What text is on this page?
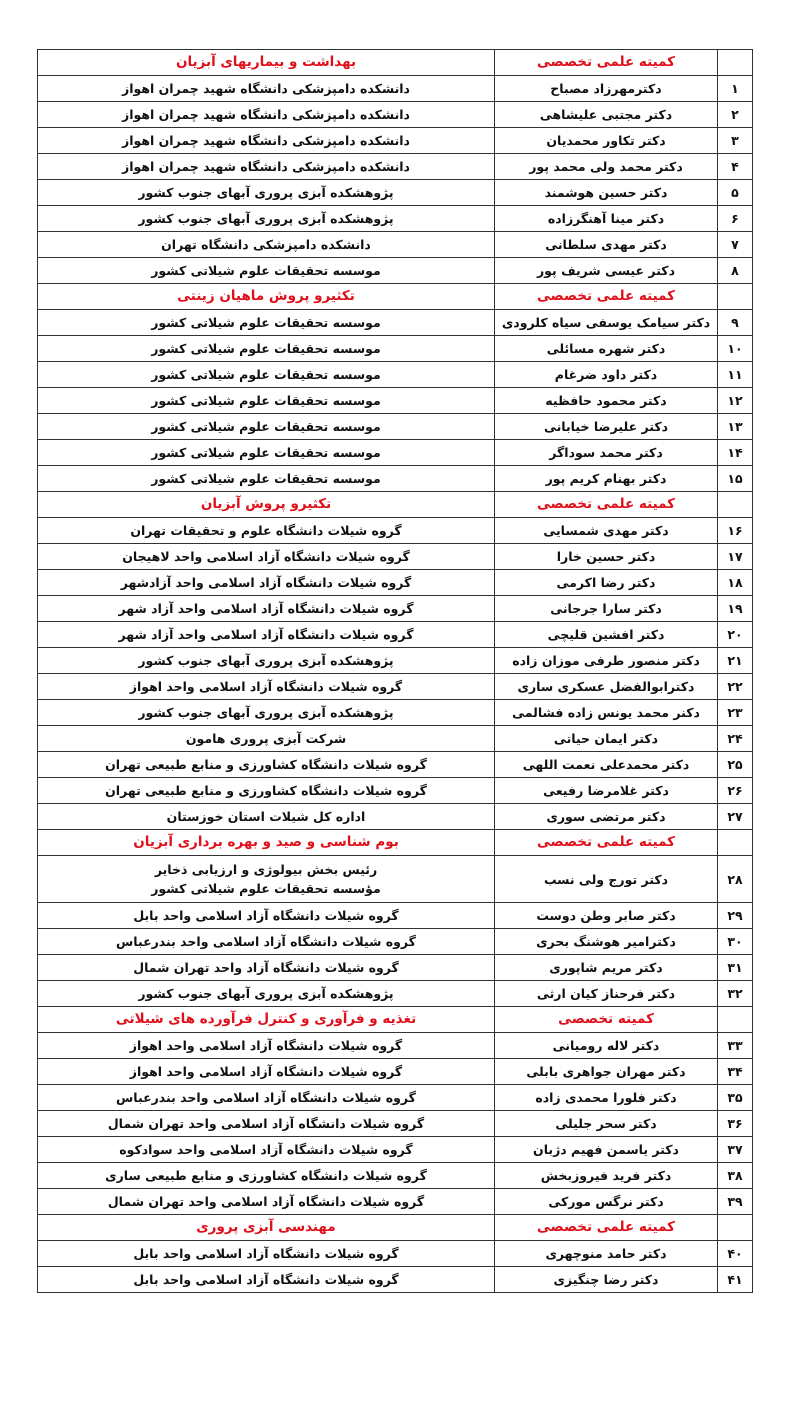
	کمیته علمی تخصصی	بهداشت و بیماریهای آبزیان
۱	دکترمهرزاد مصباح	دانشکده دامپزشکی دانشگاه شهید چمران اهواز
۲	دکتر مجتبی علیشاهی	دانشکده دامپزشکی دانشگاه شهید چمران اهواز
۳	دکتر تکاور محمدیان	دانشکده دامپزشکی دانشگاه شهید چمران اهواز
۴	دکتر محمد ولی محمد پور	دانشکده دامپزشکی دانشگاه شهید چمران اهواز
۵	دکتر حسین هوشمند	پژوهشکده آبزی پروری آبهای جنوب کشور
۶	دکتر مینا آهنگرزاده	پژوهشکده آبزی پروری آبهای جنوب کشور
۷	دکتر مهدی سلطانی	دانشکده دامپزشکی دانشگاه تهران
۸	دکتر عیسی شریف پور	موسسه تحقیقات علوم شیلاتی کشور
	کمیته علمی تخصصی	تکثیرو پروش ماهیان زینتی
۹	دکتر سیامک یوسفی سیاه کلرودی	موسسه تحقیقات علوم شیلاتی کشور
۱۰	دکتر شهره مسائلی	موسسه تحقیقات علوم شیلاتی کشور
۱۱	دکتر داود ضرغام	موسسه تحقیقات علوم شیلاتی کشور
۱۲	دکتر محمود حافظیه	موسسه تحقیقات علوم شیلاتی کشور
۱۳	دکتر علیرضا خیابانی	موسسه تحقیقات علوم شیلاتی کشور
۱۴	دکتر محمد سوداگر	موسسه تحقیقات علوم شیلاتی کشور
۱۵	دکتر بهنام کریم پور	موسسه تحقیقات علوم شیلاتی کشور
	کمیته علمی تخصصی	تکثیرو پروش آبزیان
۱۶	دکتر مهدی شمسایی	گروه شیلات دانشگاه علوم و تحقیقات تهران
۱۷	دکتر حسین خارا	گروه شیلات دانشگاه آزاد اسلامی واحد لاهیجان
۱۸	دکتر رضا اکرمی	گروه شیلات دانشگاه آزاد اسلامی واحد آزادشهر
۱۹	دکتر سارا جرجانی	گروه شیلات دانشگاه آزاد اسلامی واحد آزاد شهر
۲۰	دکتر افشین قلیچی	گروه شیلات دانشگاه آزاد اسلامی واحد آزاد شهر
۲۱	دکتر منصور طرفی موزان زاده	پژوهشکده آبزی پروری آبهای جنوب کشور
۲۲	دکترابوالفضل عسکری ساری	گروه شیلات دانشگاه آزاد اسلامی واحد اهواز
۲۳	دکنر محمد یونس زاده فشالمی	پژوهشکده آبزی پروری آبهای جنوب کشور
۲۴	دکتر ایمان حیاتی	شرکت آبزی پروری هامون
۲۵	دکتر محمدعلی نعمت اللهی	گروه شیلات دانشگاه کشاورزی و منابع طبیعی تهران
۲۶	دکتر غلامرضا رفیعی	گروه شیلات دانشگاه کشاورزی و منابع طبیعی تهران
۲۷	دکتر مرتضی سوری	اداره کل شیلات استان خوزستان
	کمیته علمی تخصصی	بوم شناسی و صید و بهره برداری آبزیان
۲۸	دکتر تورج ولی نسب	رئیس بخش بیولوژی و ارزیابی ذخایر
مؤسسه تحقیقات علوم شیلاتی کشور

۲۹	دکتر صابر وطن دوست	گروه شیلات دانشگاه آزاد اسلامی واحد بابل
۳۰	دکترامیر هوشنگ بحری	گروه شیلات دانشگاه آزاد اسلامی واحد بندرعباس
۳۱	دکتر مریم شاپوری	گروه شیلات دانشگاه آزاد واحد تهران شمال
۳۲	دکتر فرحناز کیان ارثی	پژوهشکده آبزی پروری آبهای جنوب کشور
	کمیته تخصصی	تغذیه و فرآوری و کنترل فرآورده های شیلاتی
۳۳	دکتر لاله رومیانی	گروه شیلات دانشگاه آزاد اسلامی واحد اهواز
۳۴	دکتر مهران جواهری بابلی	گروه شیلات دانشگاه آزاد اسلامی واحد اهواز
۳۵	دکتر فلورا محمدی زاده	گروه شیلات دانشگاه آزاد اسلامی واحد بندرعباس
۳۶	دکتر سحر جلیلی	گروه شیلات دانشگاه آزاد اسلامی واحد تهران شمال
۳۷	دکتر یاسمن فهیم دژبان	گروه شیلات دانشگاه آزاد اسلامی واحد سوادکوه
۳۸	دکتر فرید فیروزبخش	گروه شیلات دانشگاه کشاورزی و منابع طبیعی ساری
۳۹	دکتر نرگس مورکی	گروه شیلات دانشگاه آزاد اسلامی واحد تهران شمال
	کمیته علمی تخصصی	مهندسی آبزی پروری
۴۰	دکتر حامد منوچهری	گروه شیلات دانشگاه آزاد اسلامی واحد بابل
۴۱	دکتر رضا چنگیزی	گروه شیلات دانشگاه آزاد اسلامی واحد بابل
